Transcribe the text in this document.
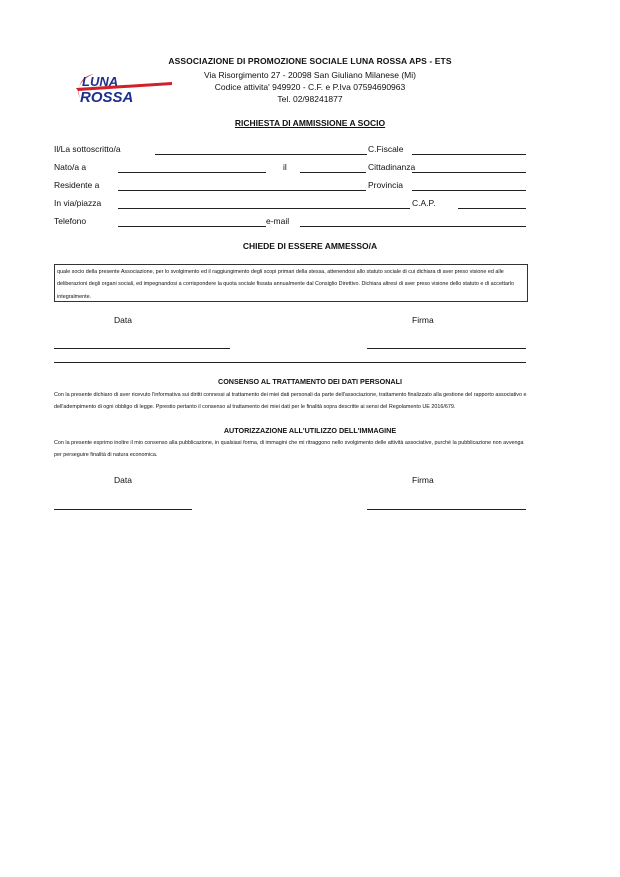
LUNA
ROSSA
ASSOCIAZIONE DI PROMOZIONE SOCIALE LUNA ROSSA APS - ETS
Via Risorgimento 27 - 20098 San Giuliano Milanese (Mi)
Codice attivita' 949920 - C.F. e P.Iva 07594690963
Tel. 02/98241877
RICHIESTA DI AMMISSIONE A SOCIO
Il/La sottoscritto/a	C.Fiscale
Nato/a a	il	Cittadinanza
Residente a	Provincia
In via/piazza	C.A.P.
Telefono	e-mail
CHIEDE DI ESSERE AMMESSO/A
quale socio della presente Associazione, per lo svolgimento ed il raggiungimento degli scopi primari della stessa, attenendosi allo statuto sociale di cui dichiara di aver preso visione ed alle deliberazioni degli organi sociali, ed impegnandosi a corrispondere la quota sociale fissata annualmente dal Consiglio Direttivo. Dichiara altresì di aver preso visione dello statuto e di accettarlo integralmente.
Data	Firma
CONSENSO AL TRATTAMENTO DEI DATI PERSONALI
Con la presente dichiaro di aver ricevuto l'informativa sui diritti connessi al trattamento dei miei dati personali da parte dell'associazione, trattamento finalizzato alla gestione del rapporto associativo e dell'adempimento di ogni obbligo di legge. Pprestio pertanto il consenso al trattamento dei miei dati per le finalità sopra descritte ai sensi del Regolamento UE 2016/679.
AUTORIZZAZIONE ALL'UTILIZZO DELL'IMMAGINE
Con la presente esprimo inoltre il mio consenso alla pubblicazione, in qualsiasi forma, di immagini che mi ritraggono nello svolgimento delle attività associative, purché la pubblicazione non avvenga per perseguire finalità di natura economica.
Data	Firma
